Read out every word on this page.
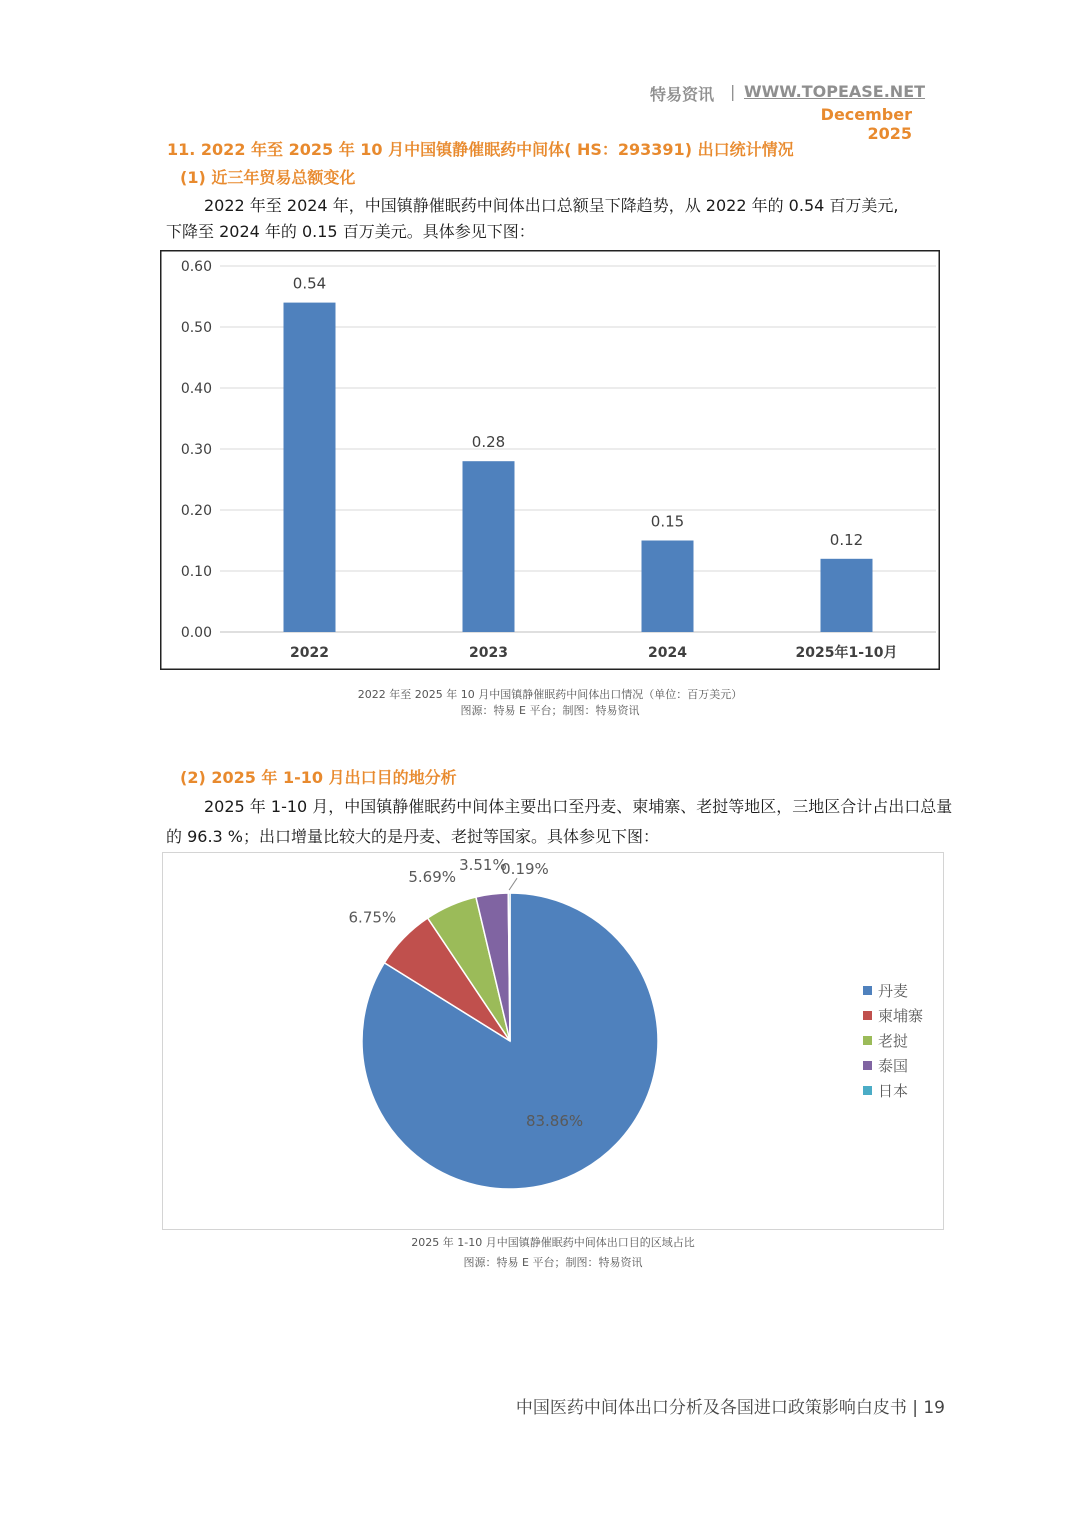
特易资讯 | WWW.TOPEASE.NET
December 2025
11. 2022 年至 2025 年 10 月中国镇静催眠药中间体( HS：293391) 出口统计情况
(1) 近三年贸易总额变化
2022 年至 2024 年，中国镇静催眠药中间体出口总额呈下降趋势，从 2022 年的 0.54 百万美元,
下降至 2024 年的 0.15 百万美元。具体参见下图：
0.00
0.10
0.20
0.30
0.40
0.50
0.60
0.54
0.28
0.15
0.12
2022	2023	2024	2025年1-10月
2022 年至 2025 年 10 月中国镇静催眠药中间体出口情况（单位：百万美元）
图源：特易 E 平台；制图：特易资讯
(2) 2025 年 1-10 月出口目的地分析
2025 年 1-10 月，中国镇静催眠药中间体主要出口至丹麦、柬埔寨、老挝等地区，三地区合计占出口总量
的 96.3 %；出口增量比较大的是丹麦、老挝等国家。具体参见下图：
83.86%
6.75%
5.69%
3.51%
0.19%
丹麦
柬埔寨
老挝
泰国
日本
2025 年 1-10 月中国镇静催眠药中间体出口目的区域占比
图源：特易 E 平台；制图：特易资讯
中国医药中间体出口分析及各国进口政策影响白皮书 | 19
